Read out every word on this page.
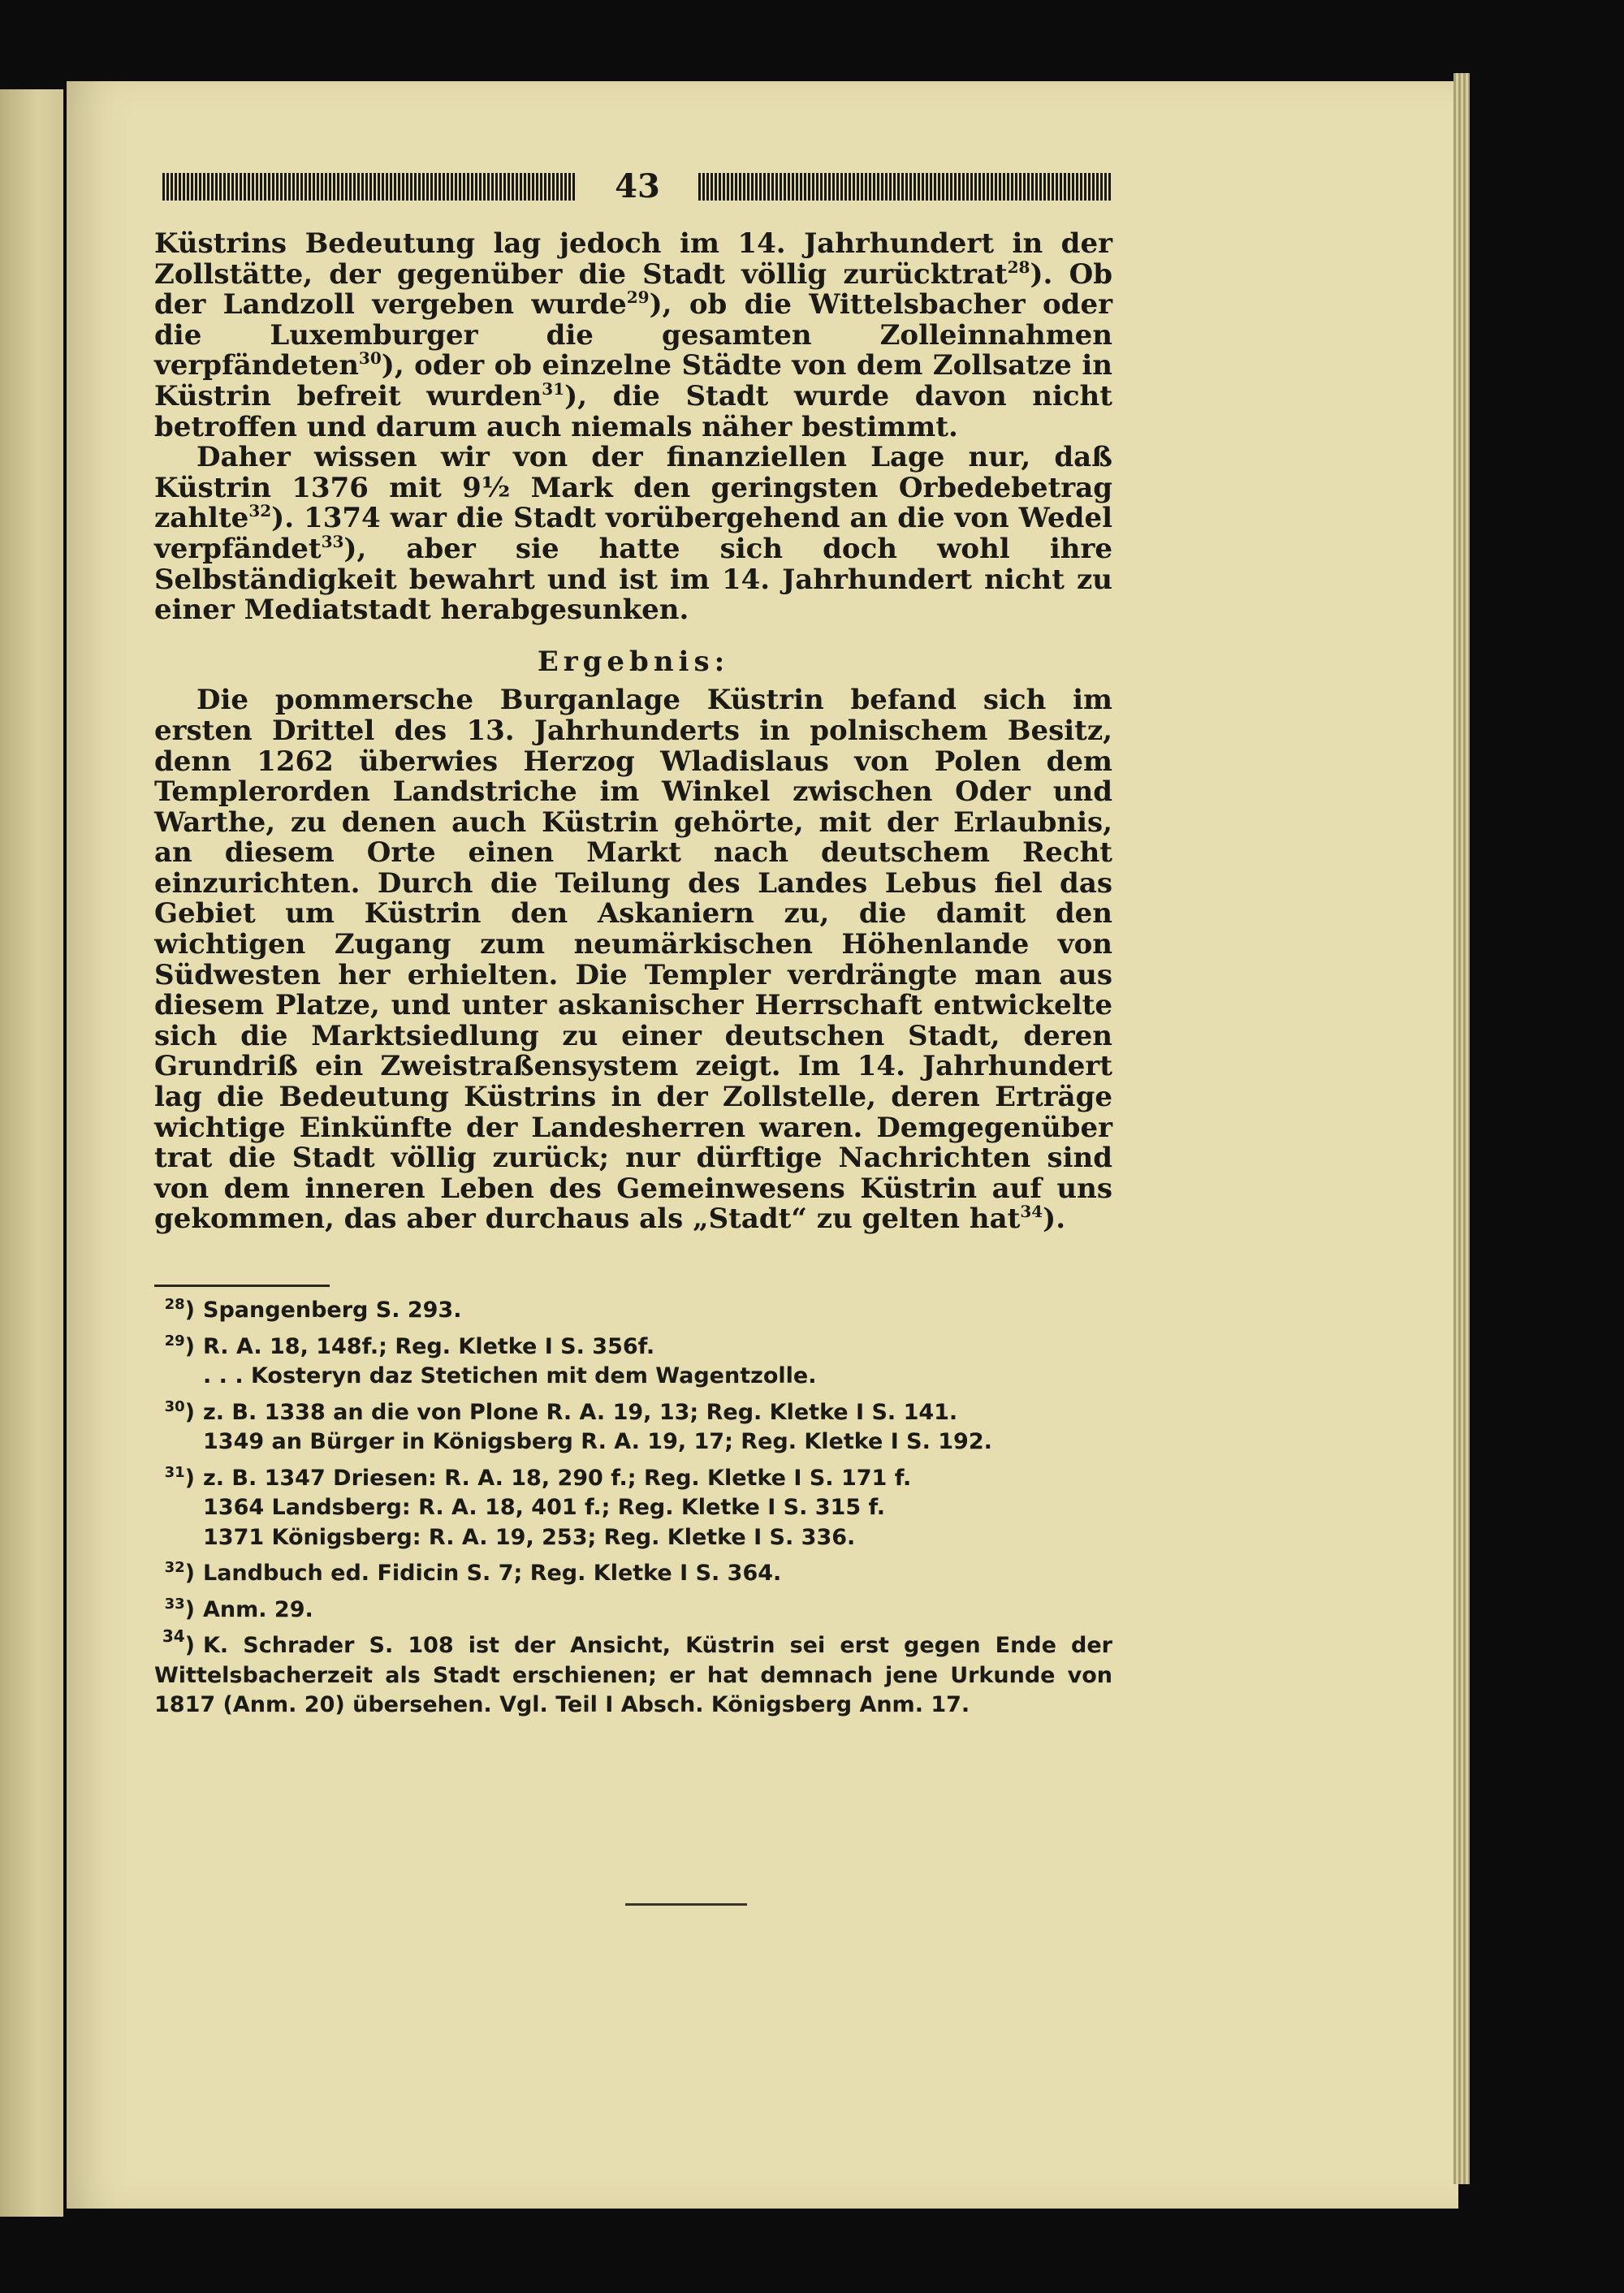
43

Küstrins Bedeutung lag jedoch im 14. Jahrhundert in der Zollstätte, der gegenüber die Stadt völlig zurücktrat$^{28}$). Ob der Landzoll vergeben wurde$^{29}$), ob die Wittelsbacher oder die Luxemburger die gesamten Zolleinnahmen verpfändeten$^{30}$), oder ob einzelne Städte von dem Zollsatze in Küstrin befreit wurden$^{31}$), die Stadt wurde davon nicht betroffen und darum auch niemals näher bestimmt.

Daher wissen wir von der finanziellen Lage nur, daß Küstrin 1376 mit 9½ Mark den geringsten Orbedebetrag zahlte$^{32}$). 1374 war die Stadt vorübergehend an die von Wedel verpfändet$^{33}$), aber sie hatte sich doch wohl ihre Selbständigkeit bewahrt und ist im 14. Jahrhundert nicht zu einer Mediatstadt herabgesunken.

Ergebnis:

Die pommersche Burganlage Küstrin befand sich im ersten Drittel des 13. Jahrhunderts in polnischem Besitz, denn 1262 überwies Herzog Wladislaus von Polen dem Templerorden Landstriche im Winkel zwischen Oder und Warthe, zu denen auch Küstrin gehörte, mit der Erlaubnis, an diesem Orte einen Markt nach deutschem Recht einzurichten. Durch die Teilung des Landes Lebus fiel das Gebiet um Küstrin den Askaniern zu, die damit den wichtigen Zugang zum neumärkischen Höhenlande von Südwesten her erhielten. Die Templer verdrängte man aus diesem Platze, und unter askanischer Herrschaft entwickelte sich die Marktsiedlung zu einer deutschen Stadt, deren Grundriß ein Zweistraßensystem zeigt. Im 14. Jahrhundert lag die Bedeutung Küstrins in der Zollstelle, deren Erträge wichtige Einkünfte der Landesherren waren. Demgegenüber trat die Stadt völlig zurück; nur dürftige Nachrichten sind von dem inneren Leben des Gemeinwesens Küstrin auf uns gekommen, das aber durchaus als „Stadt“ zu gelten hat$^{34}$).

$^{28}$) Spangenberg S. 293.
$^{29}$) R. A. 18, 148f.; Reg. Kletke I S. 356f.
. . . Kosteryn daz Stetichen mit dem Wagentzolle.
$^{30}$) z. B. 1338 an die von Plone R. A. 19, 13; Reg. Kletke I S. 141.
1349 an Bürger in Königsberg R. A. 19, 17; Reg. Kletke I S. 192.
$^{31}$) z. B. 1347 Driesen: R. A. 18, 290 f.; Reg. Kletke I S. 171 f.
1364 Landsberg: R. A. 18, 401 f.; Reg. Kletke I S. 315 f.
1371 Königsberg: R. A. 19, 253; Reg. Kletke I S. 336.
$^{32}$) Landbuch ed. Fidicin S. 7; Reg. Kletke I S. 364.
$^{33}$) Anm. 29.
$^{34}$) K. Schrader S. 108 ist der Ansicht, Küstrin sei erst gegen Ende der Wittelsbacherzeit als Stadt erschienen; er hat demnach jene Urkunde von 1817 (Anm. 20) übersehen. Vgl. Teil I Absch. Königsberg Anm. 17.
